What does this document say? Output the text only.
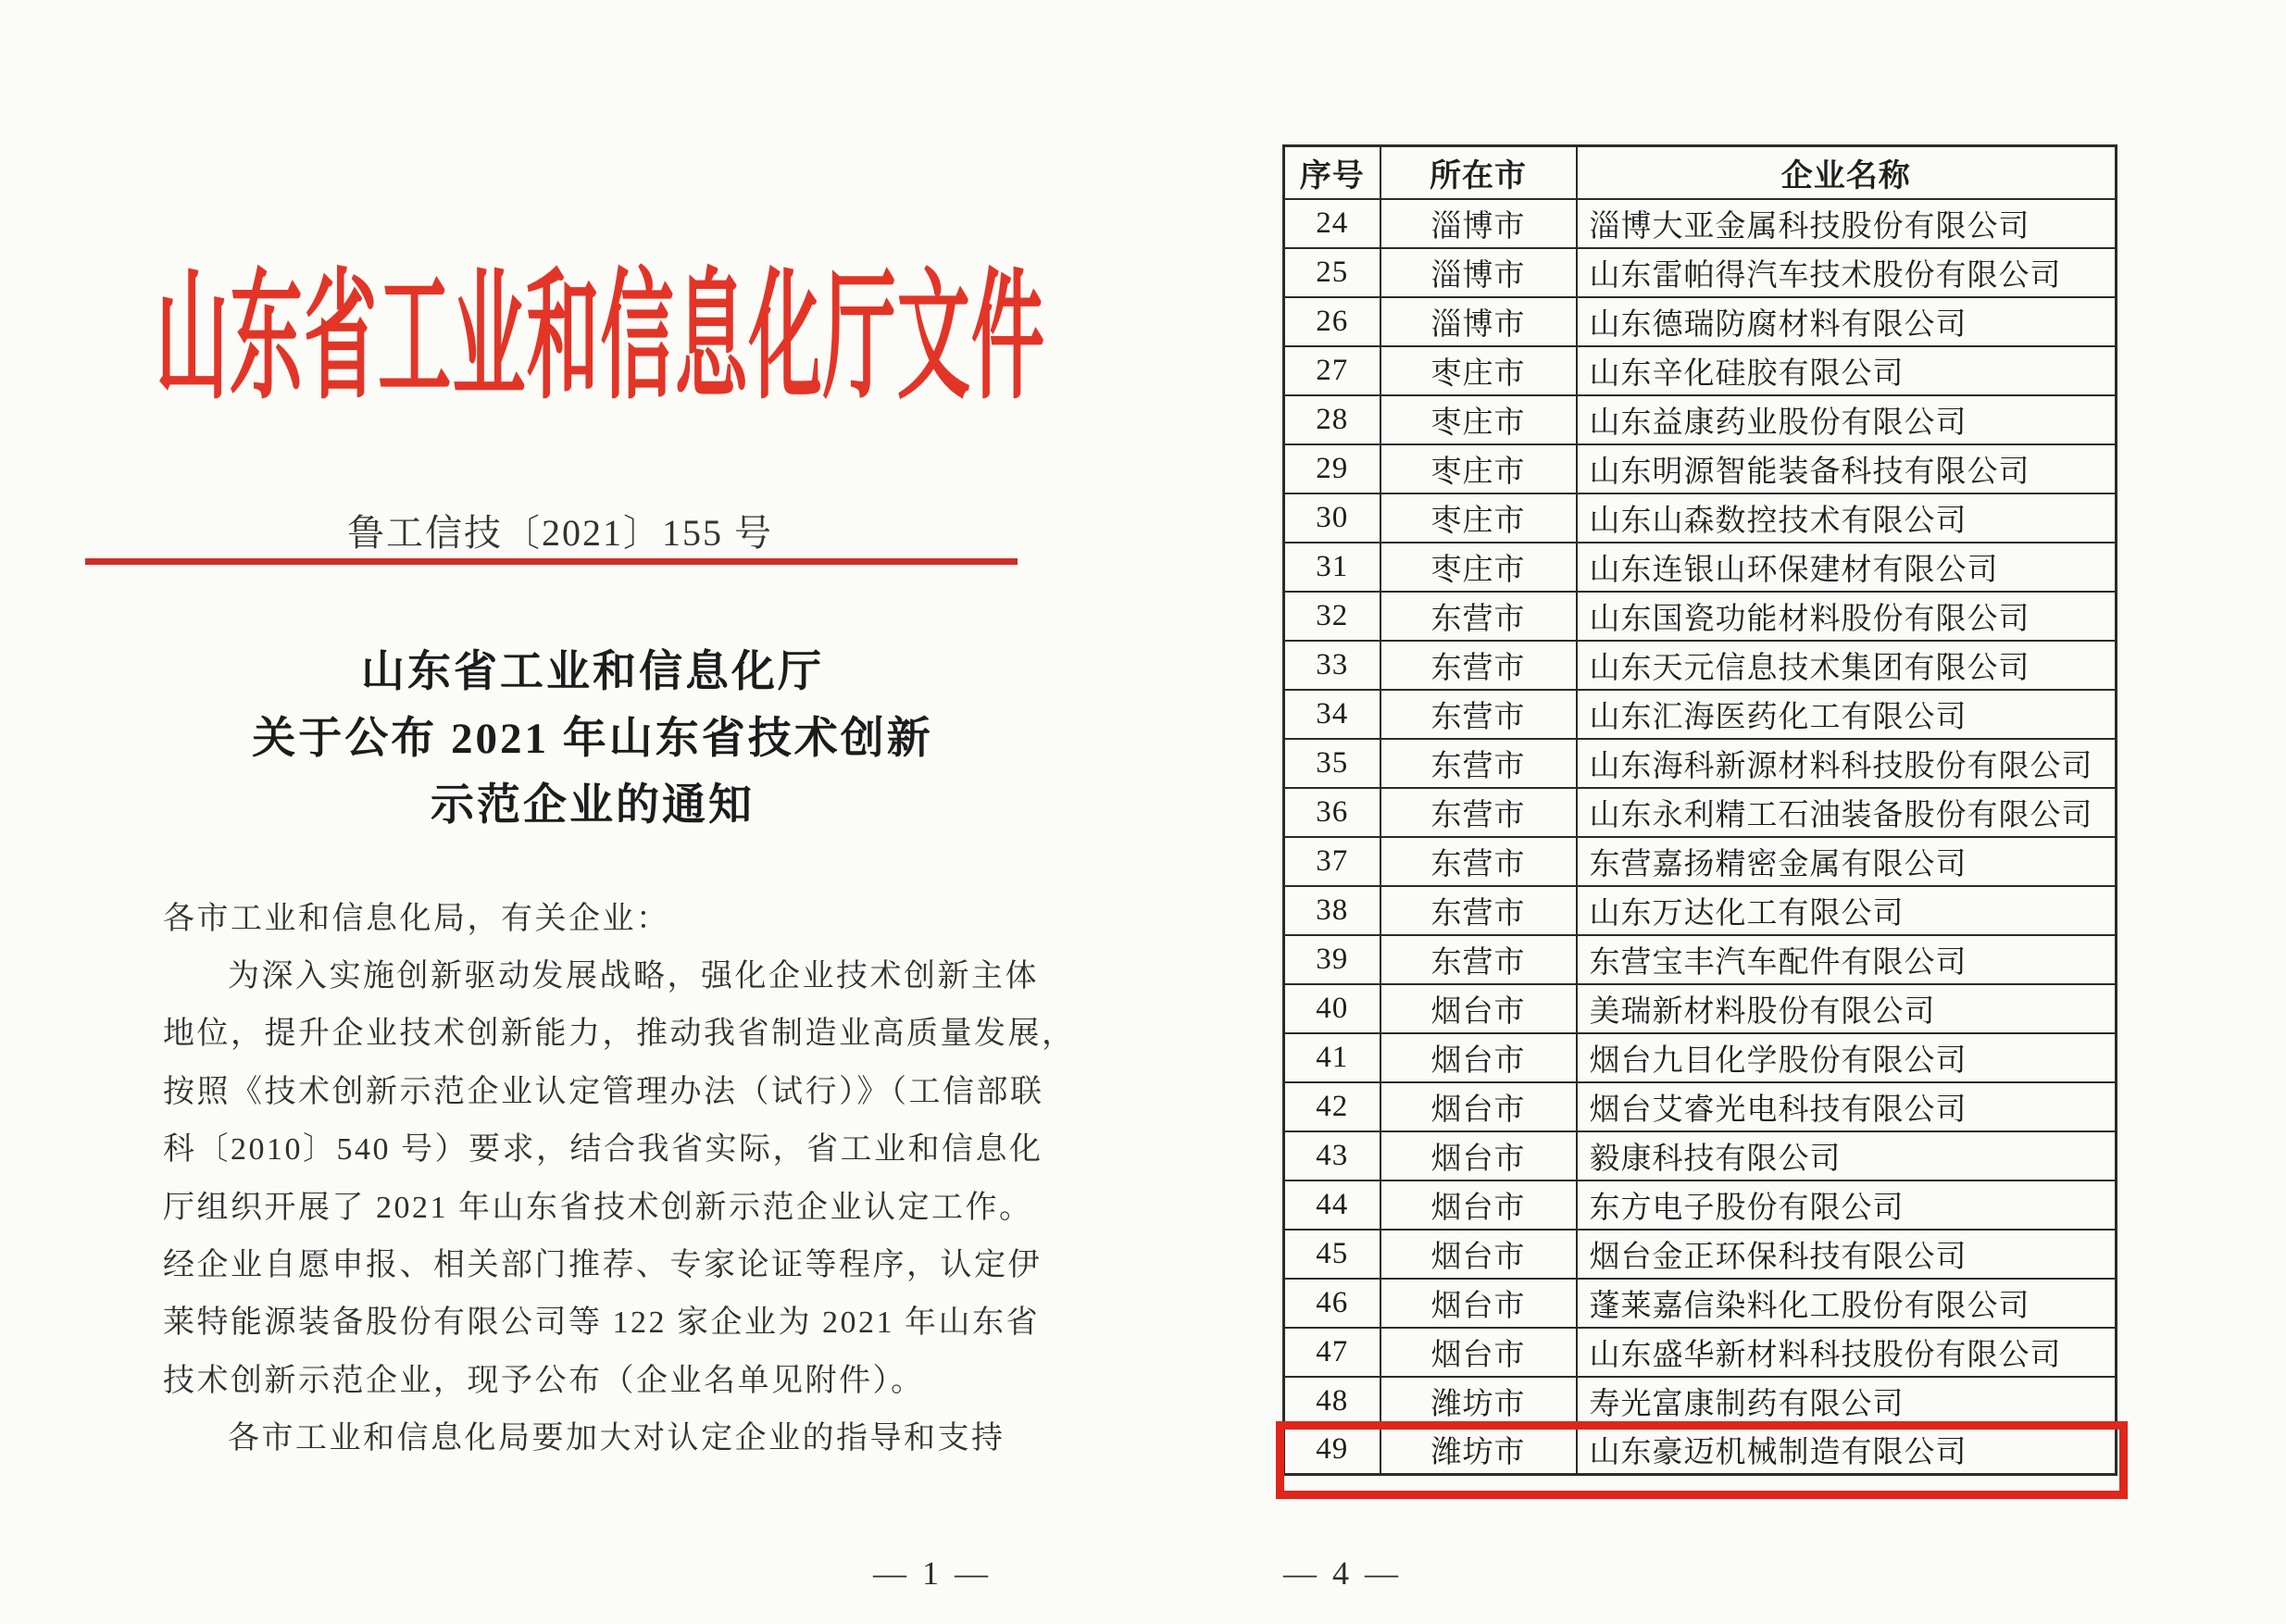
山东省工业和信息化厅文件
鲁工信技〔2021〕155 号
山东省工业和信息化厅
关于公布 2021 年山东省技术创新
示范企业的通知
各市工业和信息化局，有关企业：
为深入实施创新驱动发展战略，强化企业技术创新主体
地位，提升企业技术创新能力，推动我省制造业高质量发展，
按照《技术创新示范企业认定管理办法（试行）》（工信部联
科〔2010〕540 号）要求，结合我省实际，省工业和信息化
厅组织开展了 2021 年山东省技术创新示范企业认定工作。
经企业自愿申报、相关部门推荐、专家论证等程序，认定伊
莱特能源装备股份有限公司等 122 家企业为 2021 年山东省
技术创新示范企业，现予公布（企业名单见附件）。
各市工业和信息化局要加大对认定企业的指导和支持
— 1 —
序号	所在市	企业名称
24	淄博市	淄博大亚金属科技股份有限公司
25	淄博市	山东雷帕得汽车技术股份有限公司
26	淄博市	山东德瑞防腐材料有限公司
27	枣庄市	山东辛化硅胶有限公司
28	枣庄市	山东益康药业股份有限公司
29	枣庄市	山东明源智能装备科技有限公司
30	枣庄市	山东山森数控技术有限公司
31	枣庄市	山东连银山环保建材有限公司
32	东营市	山东国瓷功能材料股份有限公司
33	东营市	山东天元信息技术集团有限公司
34	东营市	山东汇海医药化工有限公司
35	东营市	山东海科新源材料科技股份有限公司
36	东营市	山东永利精工石油装备股份有限公司
37	东营市	东营嘉扬精密金属有限公司
38	东营市	山东万达化工有限公司
39	东营市	东营宝丰汽车配件有限公司
40	烟台市	美瑞新材料股份有限公司
41	烟台市	烟台九目化学股份有限公司
42	烟台市	烟台艾睿光电科技有限公司
43	烟台市	毅康科技有限公司
44	烟台市	东方电子股份有限公司
45	烟台市	烟台金正环保科技有限公司
46	烟台市	蓬莱嘉信染料化工股份有限公司
47	烟台市	山东盛华新材料科技股份有限公司
48	潍坊市	寿光富康制药有限公司
49	潍坊市	山东豪迈机械制造有限公司
— 4 —
